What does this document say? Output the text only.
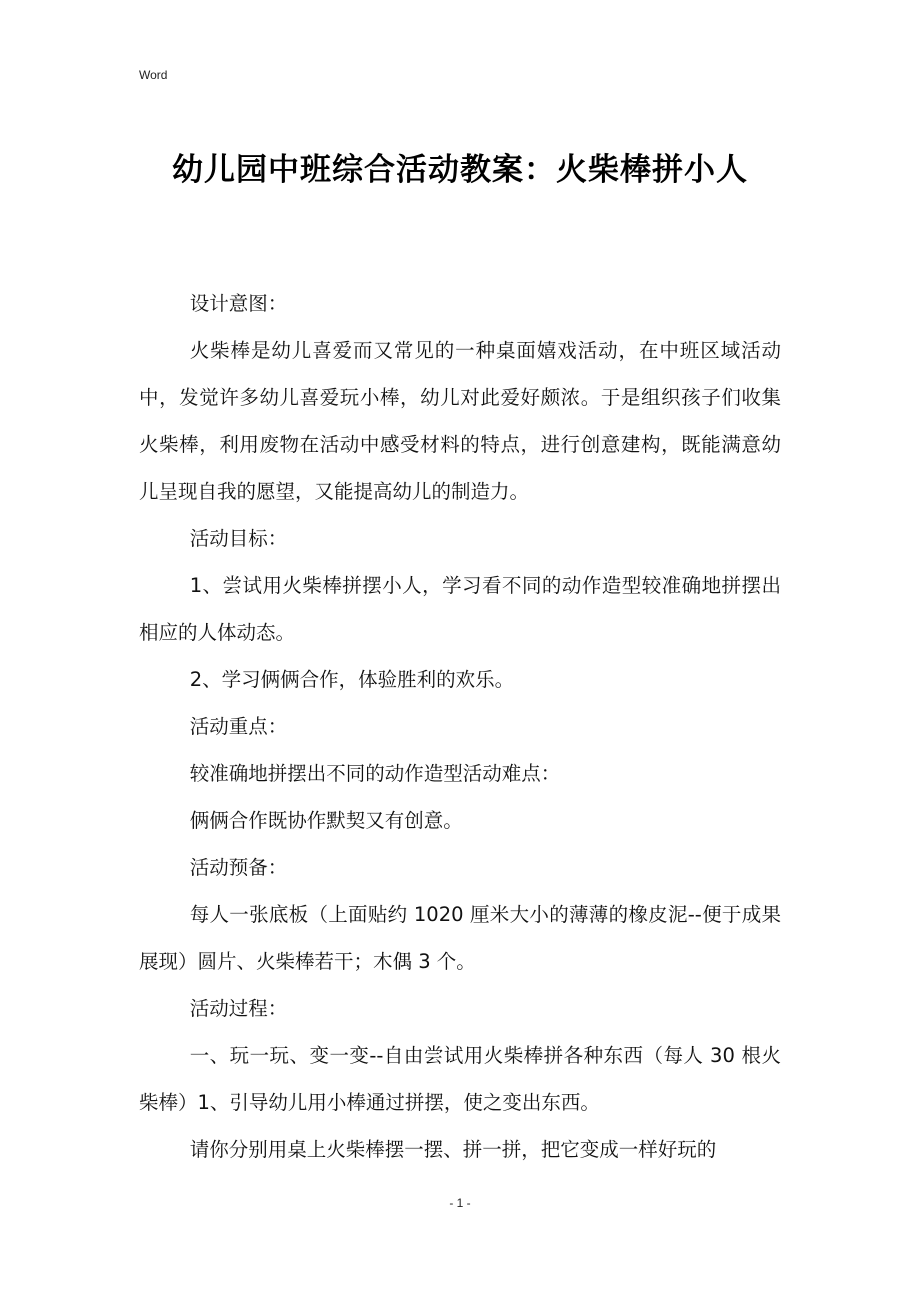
Word
幼儿园中班综合活动教案：火柴棒拼小人

设计意图：

火柴棒是幼儿喜爱而又常见的一种桌面嬉戏活动，在中班区域活动中，发觉许多幼儿喜爱玩小棒，幼儿对此爱好颇浓。于是组织孩子们收集火柴棒，利用废物在活动中感受材料的特点，进行创意建构，既能满意幼儿呈现自我的愿望，又能提高幼儿的制造力。

活动目标：

1、尝试用火柴棒拼摆小人，学习看不同的动作造型较准确地拼摆出相应的人体动态。

2、学习俩俩合作，体验胜利的欢乐。

活动重点：

较准确地拼摆出不同的动作造型活动难点：

俩俩合作既协作默契又有创意。

活动预备：

每人一张底板（上面贴约 1020 厘米大小的薄薄的橡皮泥--便于成果展现）圆片、火柴棒若干；木偶 3 个。

活动过程：

一、玩一玩、变一变--自由尝试用火柴棒拼各种东西（每人 30 根火柴棒）1、引导幼儿用小棒通过拼摆，使之变出东西。

请你分别用桌上火柴棒摆一摆、拼一拼，把它变成一样好玩的

- 1 -
